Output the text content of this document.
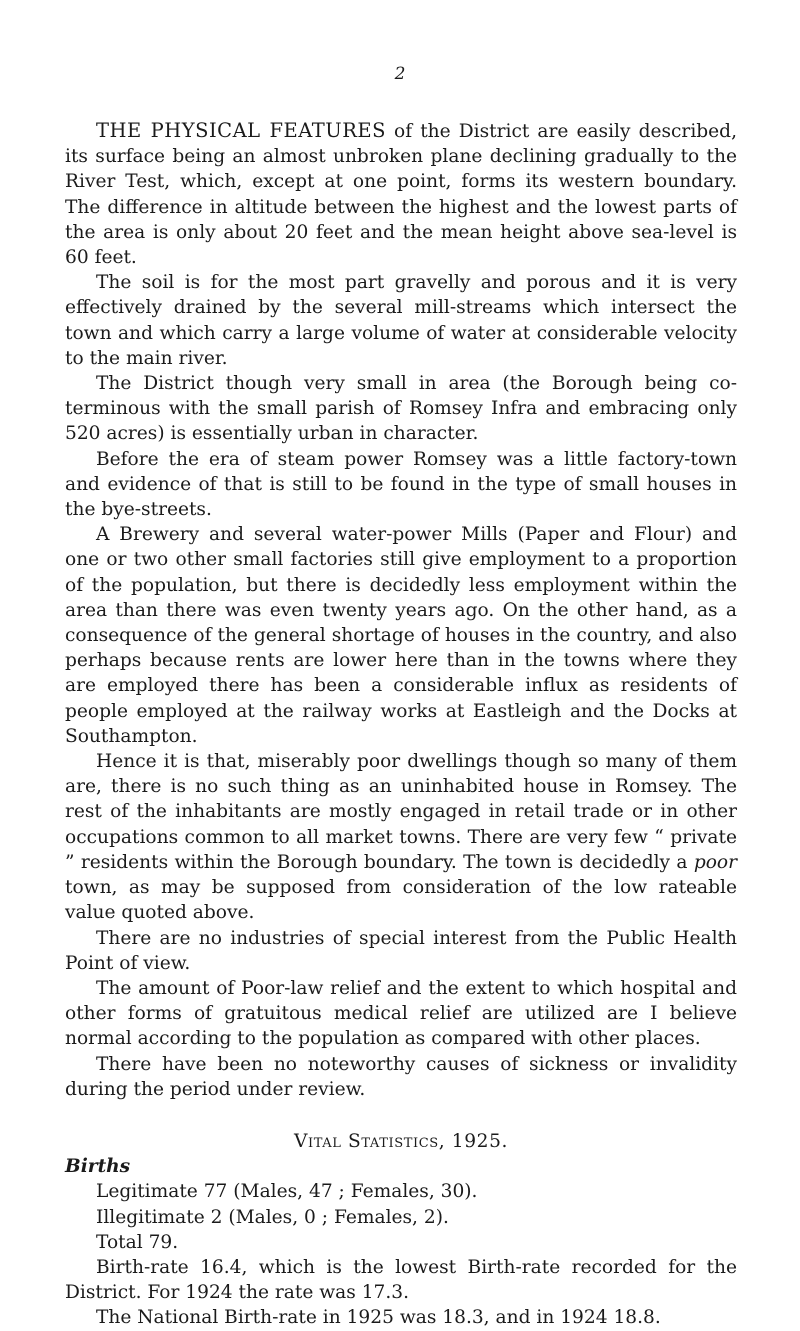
2

THE PHYSICAL FEATURES of the District are easily described, its surface being an almost unbroken plane declining gradually to the River Test, which, except at one point, forms its western boundary. The difference in altitude between the highest and the lowest parts of the area is only about 20 feet and the mean height above sea-level is 60 feet.

The soil is for the most part gravelly and porous and it is very effectively drained by the several mill-streams which intersect the town and which carry a large volume of water at considerable velocity to the main river.

The District though very small in area (the Borough being co-terminous with the small parish of Romsey Infra and embracing only 520 acres) is essentially urban in character.

Before the era of steam power Romsey was a little factory-town and evidence of that is still to be found in the type of small houses in the bye-streets.

A Brewery and several water-power Mills (Paper and Flour) and one or two other small factories still give employment to a proportion of the population, but there is decidedly less employment within the area than there was even twenty years ago. On the other hand, as a consequence of the general shortage of houses in the country, and also perhaps because rents are lower here than in the towns where they are employed there has been a considerable influx as residents of people employed at the railway works at Eastleigh and the Docks at Southampton.

Hence it is that, miserably poor dwellings though so many of them are, there is no such thing as an uninhabited house in Romsey. The rest of the inhabitants are mostly engaged in retail trade or in other occupations common to all market towns. There are very few “ private ” residents within the Borough boundary. The town is decidedly a poor town, as may be supposed from consideration of the low rateable value quoted above.

There are no industries of special interest from the Public Health Point of view.

The amount of Poor-law relief and the extent to which hospital and other forms of gratuitous medical relief are utilized are I believe normal according to the population as compared with other places.

There have been no noteworthy causes of sickness or invalidity during the period under review.

Vital Statistics, 1925.

Births

Legitimate 77 (Males, 47 ; Females, 30).

Illegitimate 2 (Males, 0 ; Females, 2).

Total 79.

Birth-rate 16.4, which is the lowest Birth-rate recorded for the District. For 1924 the rate was 17.3.

The National Birth-rate in 1925 was 18.3, and in 1924 18.8.
